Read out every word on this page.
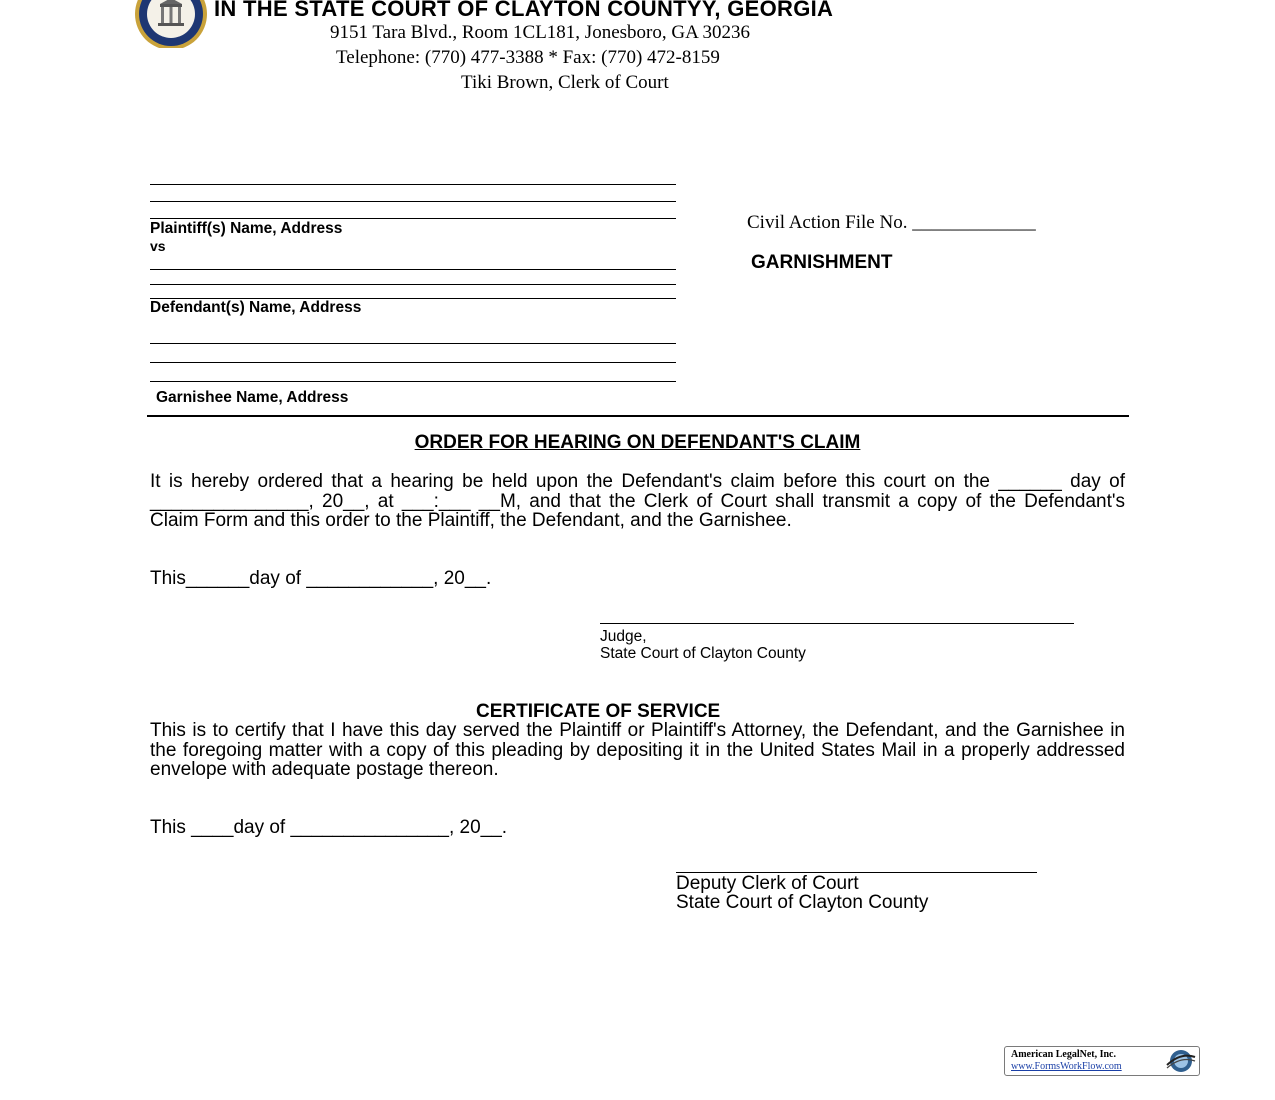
IN THE STATE COURT OF CLAYTON COUNTYY, GEORGIA
9151 Tara Blvd., Room 1CL181, Jonesboro, GA 30236
Telephone: (770) 477-3388 * Fax: (770) 472-8159
Tiki Brown, Clerk of Court
Plaintiff(s) Name, Address
vs
Defendant(s) Name, Address
Garnishee Name, Address
Civil Action File No. _____________
GARNISHMENT
ORDER FOR HEARING ON DEFENDANT'S CLAIM
It is hereby ordered that a hearing be held upon the Defendant's claim before this court on the ______ day of _______________, 20__, at ___:___ __M, and that the Clerk of Court shall transmit a copy of the Defendant's Claim Form and this order to the Plaintiff, the Defendant, and the Garnishee.
This______day of ____________, 20__.
Judge,
State Court of Clayton County
CERTIFICATE OF SERVICE
This is to certify that I have this day served the Plaintiff or Plaintiff's Attorney, the Defendant, and the Garnishee in the foregoing matter with a copy of this pleading by depositing it in the United States Mail in a properly addressed envelope with adequate postage thereon.
This ____day of _______________, 20__.
Deputy Clerk of Court
State Court of Clayton County
American LegalNet, Inc.
www.FormsWorkFlow.com
